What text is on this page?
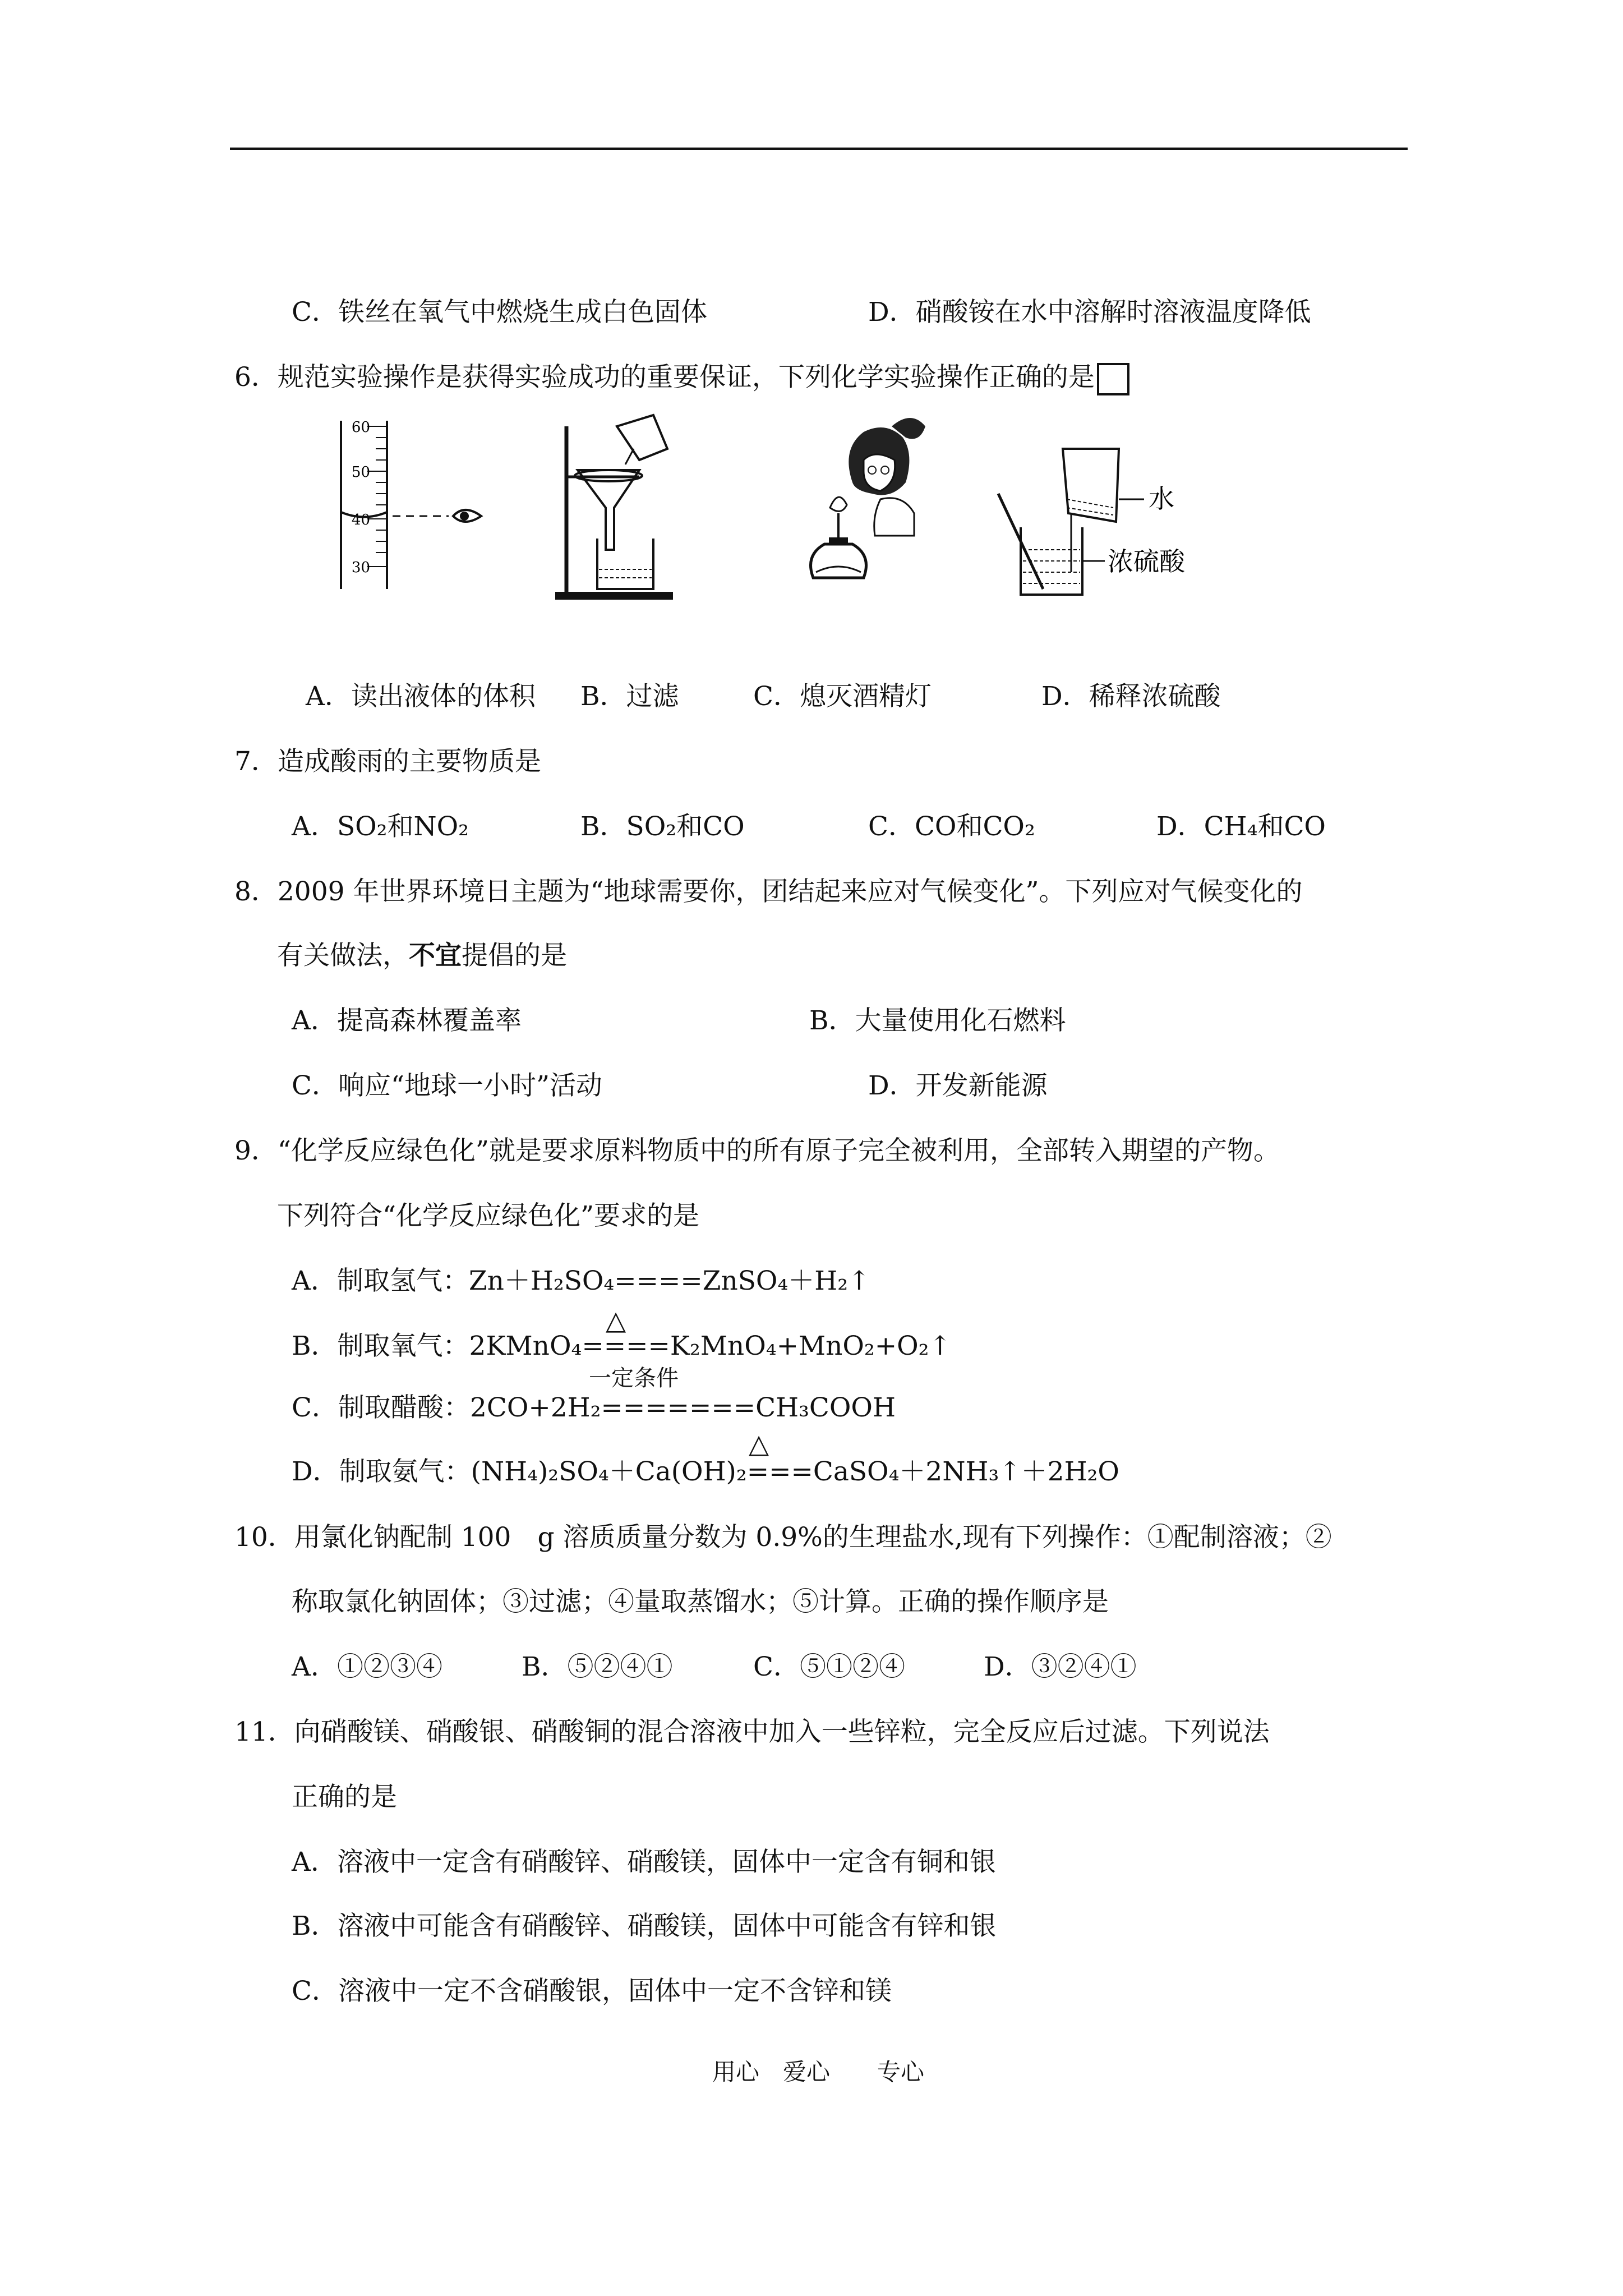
C．铁丝在氧气中燃烧生成白色固体	D．硝酸铵在水中溶解时溶液温度降低
6．规范实验操作是获得实验成功的重要保证，下列化学实验操作正确的是
60
50
40
30
水
浓硫酸
A．读出液体的体积 B．过滤	C．熄灭酒精灯	D．稀释浓硫酸
7．造成酸雨的主要物质是
A．SO₂和NO₂	B．SO₂和CO	C．CO和CO₂	D．CH₄和CO
8．2009 年世界环境日主题为“地球需要你，团结起来应对气候变化”。下列应对气候变化的
有关做法，不宜提倡的是
A．提高森林覆盖率	B．大量使用化石燃料
C．响应“地球一小时”活动	D．开发新能源
9．“化学反应绿色化”就是要求原料物质中的所有原子完全被利用，全部转入期望的产物。
下列符合“化学反应绿色化”要求的是
A．制取氢气：Zn＋H₂SO₄====ZnSO₄＋H₂↑
△
B．制取氧气：2KMnO₄====K₂MnO₄+MnO₂+O₂↑
一定条件
C．制取醋酸：2CO+2H₂=======CH₃COOH
△
D．制取氨气：(NH₄)₂SO₄＋Ca(OH)₂===CaSO₄＋2NH₃↑＋2H₂O
10．用氯化钠配制 100　g 溶质质量分数为 0.9%的生理盐水,现有下列操作：①配制溶液；②
称取氯化钠固体；③过滤；④量取蒸馏水；⑤计算。正确的操作顺序是
A．①②③④	B．⑤②④①	C．⑤①②④	D．③②④①
11．向硝酸镁、硝酸银、硝酸铜的混合溶液中加入一些锌粒，完全反应后过滤。下列说法
正确的是
A．溶液中一定含有硝酸锌、硝酸镁，固体中一定含有铜和银
B．溶液中可能含有硝酸锌、硝酸镁，固体中可能含有锌和银
C．溶液中一定不含硝酸银，固体中一定不含锌和镁
用心　爱心　　专心
